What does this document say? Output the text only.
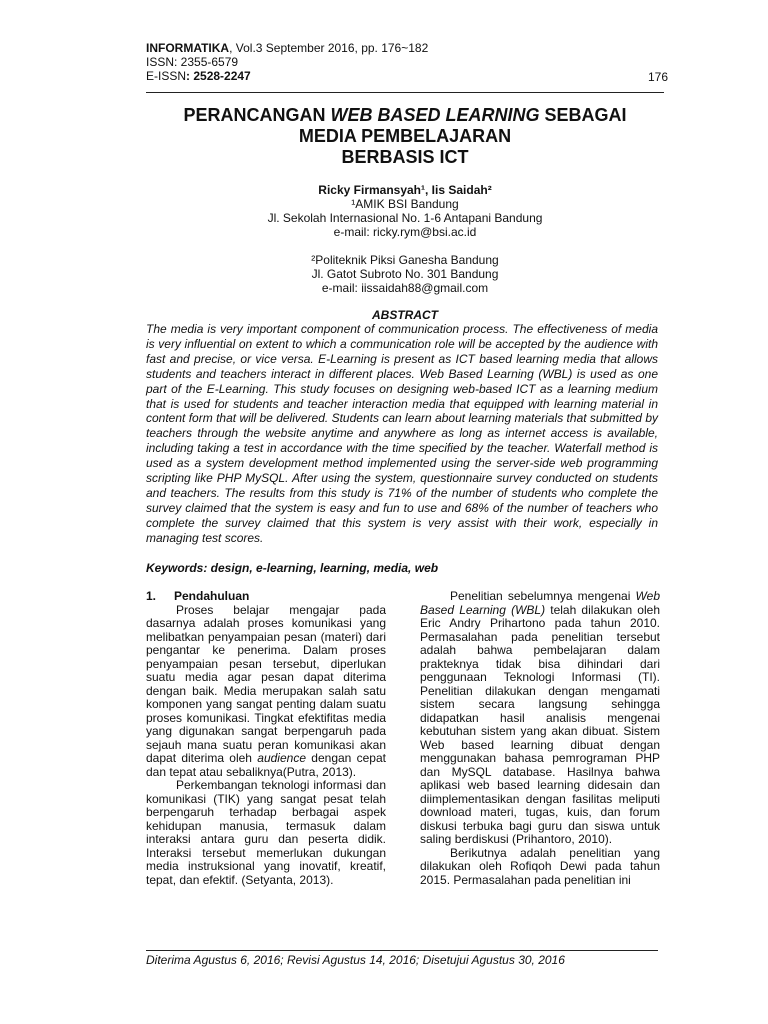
INFORMATIKA, Vol.3 September 2016, pp. 176~182
ISSN: 2355-6579
E-ISSN: 2528-2247	176
PERANCANGAN WEB BASED LEARNING SEBAGAI
MEDIA PEMBELAJARAN
BERBASIS ICT
Ricky Firmansyah¹, Iis Saidah²
¹AMIK BSI Bandung
Jl. Sekolah Internasional No. 1-6 Antapani Bandung
e-mail: ricky.rym@bsi.ac.id
²Politeknik Piksi Ganesha Bandung
Jl. Gatot Subroto No. 301 Bandung
e-mail: iissaidah88@gmail.com
ABSTRACT
The media is very important component of communication process. The effectiveness of media is very influential on extent to which a communication role will be accepted by the audience with fast and precise, or vice versa. E-Learning is present as ICT based learning media that allows students and teachers interact in different places. Web Based Learning (WBL) is used as one part of the E-Learning. This study focuses on designing web-based ICT as a learning medium that is used for students and teacher interaction media that equipped with learning material in content form that will be delivered. Students can learn about learning materials that submitted by teachers through the website anytime and anywhere as long as internet access is available, including taking a test in accordance with the time specified by the teacher. Waterfall method is used as a system development method implemented using the server-side web programming scripting like PHP MySQL. After using the system, questionnaire survey conducted on students and teachers. The results from this study is 71% of the number of students who complete the survey claimed that the system is easy and fun to use and 68% of the number of teachers who complete the survey claimed that this system is very assist with their work, especially in managing test scores.
Keywords: design, e-learning, learning, media, web
1. Pendahuluan

Proses belajar mengajar pada dasarnya adalah proses komunikasi yang melibatkan penyampaian pesan (materi) dari pengantar ke penerima. Dalam proses penyampaian pesan tersebut, diperlukan suatu media agar pesan dapat diterima dengan baik. Media merupakan salah satu komponen yang sangat penting dalam suatu proses komunikasi. Tingkat efektifitas media yang digunakan sangat berpengaruh pada sejauh mana suatu peran komunikasi akan dapat diterima oleh audience dengan cepat dan tepat atau sebaliknya(Putra, 2013).

Perkembangan teknologi informasi dan komunikasi (TIK) yang sangat pesat telah berpengaruh terhadap berbagai aspek kehidupan manusia, termasuk dalam interaksi antara guru dan peserta didik. Interaksi tersebut memerlukan dukungan media instruksional yang inovatif, kreatif, tepat, dan efektif. (Setyanta, 2013).

Penelitian sebelumnya mengenai Web Based Learning (WBL) telah dilakukan oleh Eric Andry Prihartono pada tahun 2010. Permasalahan pada penelitian tersebut adalah bahwa pembelajaran dalam prakteknya tidak bisa dihindari dari penggunaan Teknologi Informasi (TI). Penelitian dilakukan dengan mengamati sistem secara langsung sehingga didapatkan hasil analisis mengenai kebutuhan sistem yang akan dibuat. Sistem Web based learning dibuat dengan menggunakan bahasa pemrograman PHP dan MySQL database. Hasilnya bahwa aplikasi web based learning didesain dan diimplementasikan dengan fasilitas meliputi download materi, tugas, kuis, dan forum diskusi terbuka bagi guru dan siswa untuk saling berdiskusi (Prihantoro, 2010).

Berikutnya adalah penelitian yang dilakukan oleh Rofiqoh Dewi pada tahun 2015. Permasalahan pada penelitian ini

Diterima Agustus 6, 2016; Revisi Agustus 14, 2016; Disetujui Agustus 30, 2016
